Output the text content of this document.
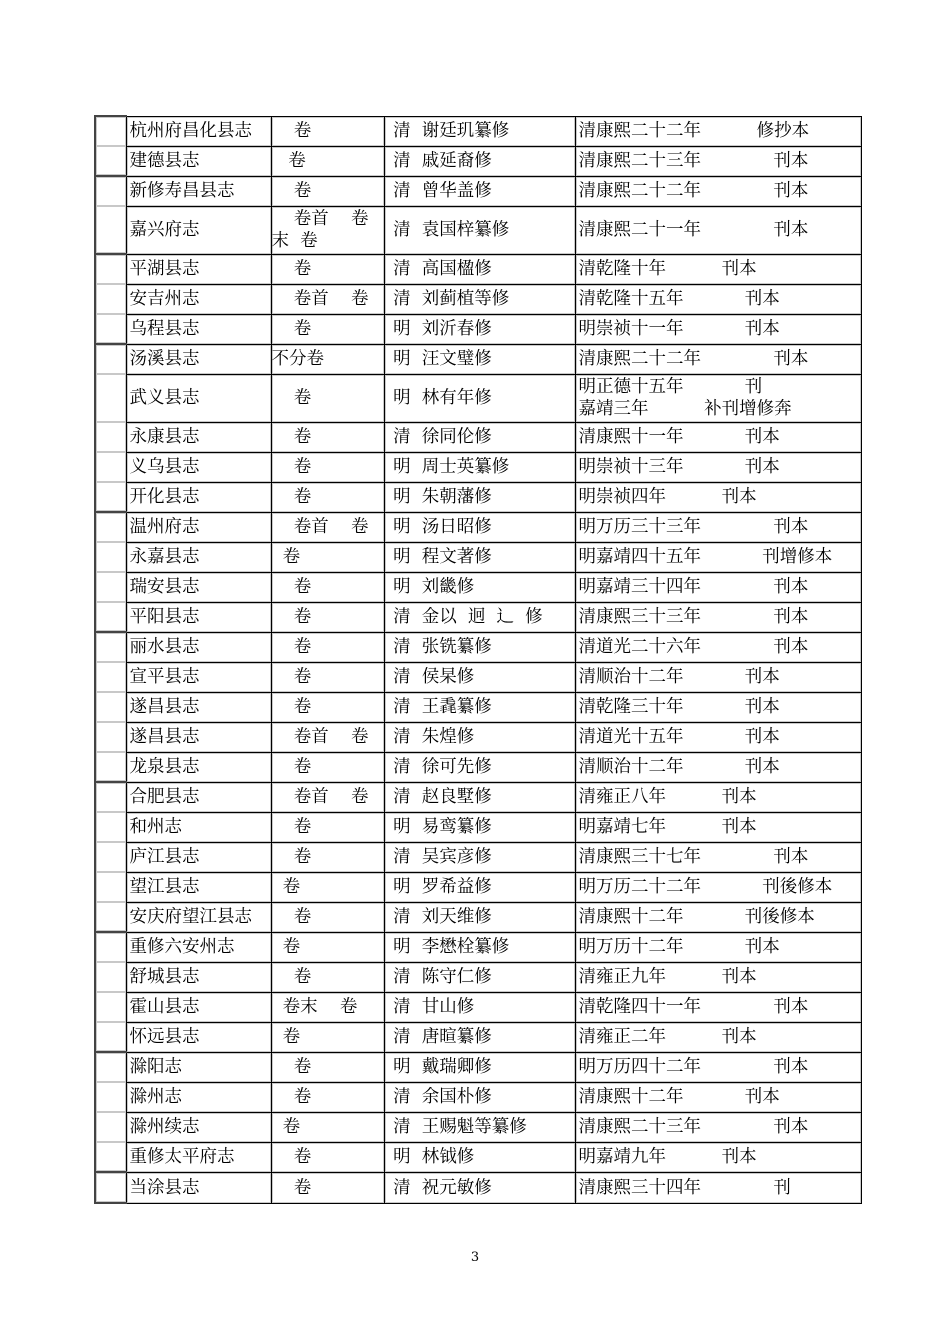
	杭州府昌化县志	卷	清  谢廷玑纂修	清康熙二十二年          修抄本

	建德县志	卷	清  戚延裔修	清康熙二十三年             刊本

	新修寿昌县志	卷	清  曾华盖修	清康熙二十二年             刊本

	嘉兴府志	卷首    卷
末  卷	清  袁国梓纂修	清康熙二十一年             刊本

	平湖县志	卷	清  高国楹修	清乾隆十年          刊本

	安吉州志	卷首    卷	清  刘蓟植等修	清乾隆十五年           刊本

	乌程县志	卷	明  刘沂春修	明崇祯十一年           刊本

	汤溪县志	不分卷	明  汪文璧修	清康熙二十二年             刊本

	武义县志	卷	明  林有年修	明正德十五年           刊
嘉靖三年          补刊增修奔

	永康县志	卷	清  徐同伦修	清康熙十一年           刊本

	义乌县志	卷	明  周士英纂修	明崇祯十三年           刊本

	开化县志	卷	明  朱朝藩修	明崇祯四年          刊本

	温州府志	卷首    卷	明  汤日昭修	明万历三十三年             刊本

	永嘉县志	卷	明  程文著修	明嘉靖四十五年           刊增修本

	瑞安县志	卷	明  刘畿修	明嘉靖三十四年             刊本

	平阳县志	卷	清  金以  迥  辶  修	清康熙三十三年             刊本

	丽水县志	卷	清  张铣纂修	清道光二十六年             刊本

	宣平县志	卷	清  侯杲修	清顺治十二年           刊本

	遂昌县志	卷	清  王毳纂修	清乾隆三十年           刊本

	遂昌县志	卷首    卷	清  朱煌修	清道光十五年           刊本

	龙泉县志	卷	清  徐可先修	清顺治十二年           刊本

	合肥县志	卷首    卷	清  赵良墅修	清雍正八年          刊本

	和州志	卷	明  易鸾纂修	明嘉靖七年          刊本

	庐江县志	卷	清  吴宾彦修	清康熙三十七年             刊本

	望江县志	卷	明  罗希益修	明万历二十二年           刊後修本

	安庆府望江县志	卷	清  刘天维修	清康熙十二年           刊後修本

	重修六安州志	卷	明  李懋栓纂修	明万历十二年           刊本

	舒城县志	卷	清  陈守仁修	清雍正九年          刊本

	霍山县志	卷末    卷	清  甘山修	清乾隆四十一年             刊本

	怀远县志	卷	清  唐暄纂修	清雍正二年          刊本

	滁阳志	卷	明  戴瑞卿修	明万历四十二年             刊本

	滁州志	卷	清  余国朴修	清康熙十二年           刊本

	滁州续志	卷	清  王赐魁等纂修	清康熙二十三年             刊本

	重修太平府志	卷	明  林钺修	明嘉靖九年          刊本

	当涂县志	卷	清  祝元敏修	清康熙三十四年             刊
3
